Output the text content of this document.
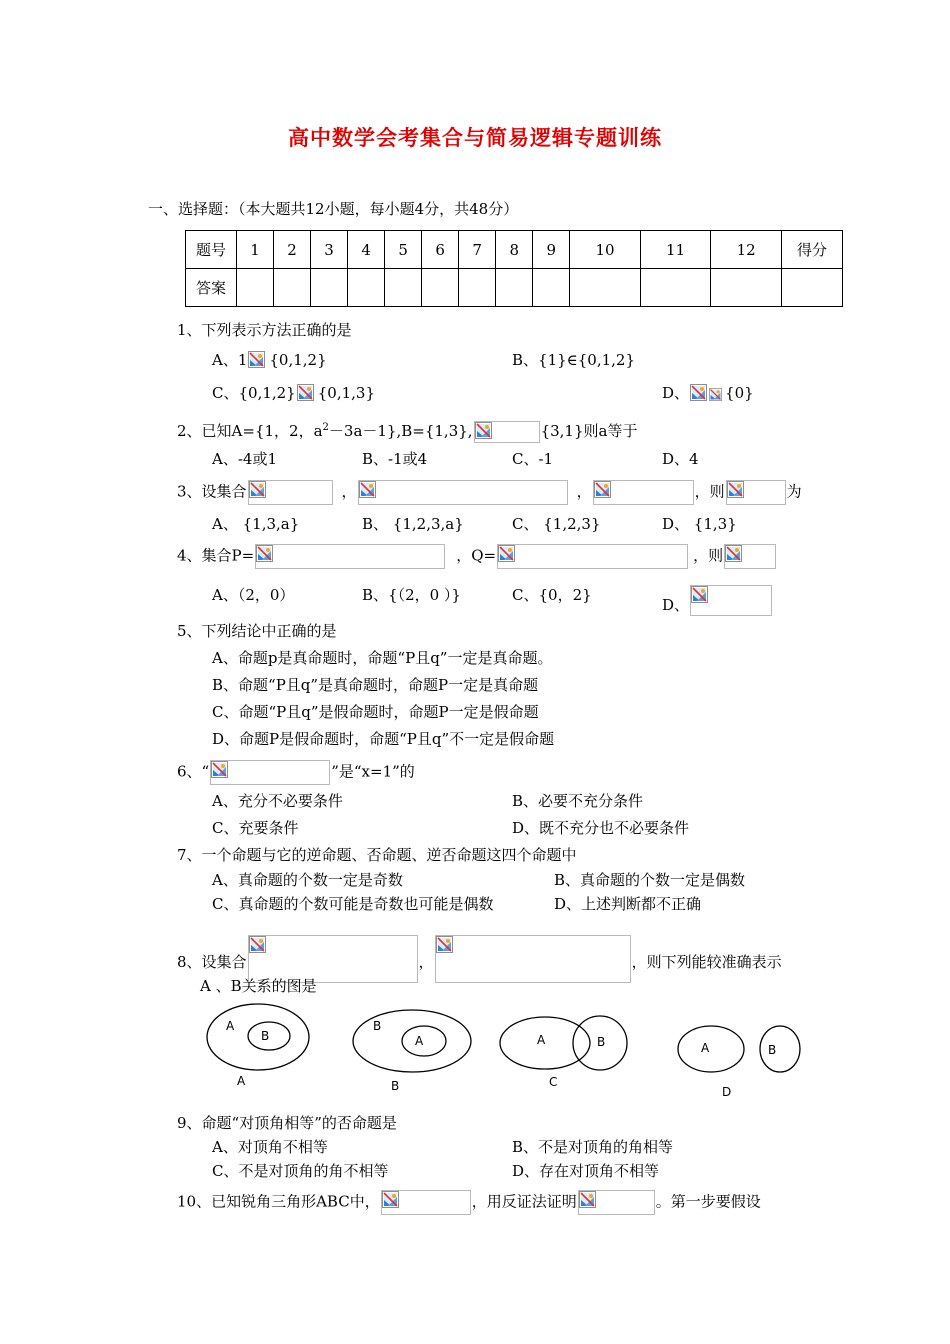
高中数学会考集合与简易逻辑专题训练
一、选择题：（本大题共12小题，每小题4分，共48分）
题号	1	2	3	4	5	6	7	8	9	10	11	12	得分
答案													
1、下列表示方法正确的是
A、1 {0,1,2}	B、{1}∈{0,1,2}
C、{0,1,2} {0,1,3}	D、 {0}
2、已知A={1，2，$a^2-3a-1\},B=\{1,3\}$,	{3,1}则a等于
A、-4或1	B、-1或4	C、-1	D、4
3、设集合	，	，	，则	为
A、 {1,3,a}	B、 {1,2,3,a}	C、 {1,2,3}	D、 {1,3}
4、集合P=	，Q=	，则
A、（2，0）	B、{（2，0 ）}	C、{0，2}
D、
5、下列结论中正确的是
A、命题p是真命题时，命题“P且q”一定是真命题。
B、命题“P且q”是真命题时，命题P一定是真命题
C、命题“P且q”是假命题时，命题P一定是假命题
D、命题P是假命题时，命题“P且q”不一定是假命题
6、“	”是“x=1”的
A、充分不必要条件	B、必要不充分条件
C、充要条件	D、既不充分也不必要条件
7、一个命题与它的逆命题、否命题、逆否命题这四个命题中
A、真命题的个数一定是奇数	B、真命题的个数一定是偶数
C、真命题的个数可能是奇数也可能是偶数	D、上述判断都不正确
8、设集合	，	，则下列能较准确表示
A 、B关系的图是
A
B
A
B
A
B
A	B
C
A	B
D
9、命题“对顶角相等”的否命题是
A、对顶角不相等	B、不是对顶角的角相等
C、不是对顶角的角不相等	D、存在对顶角不相等
10、已知锐角三角形ABC中，	，用反证法证明	。第一步要假设
